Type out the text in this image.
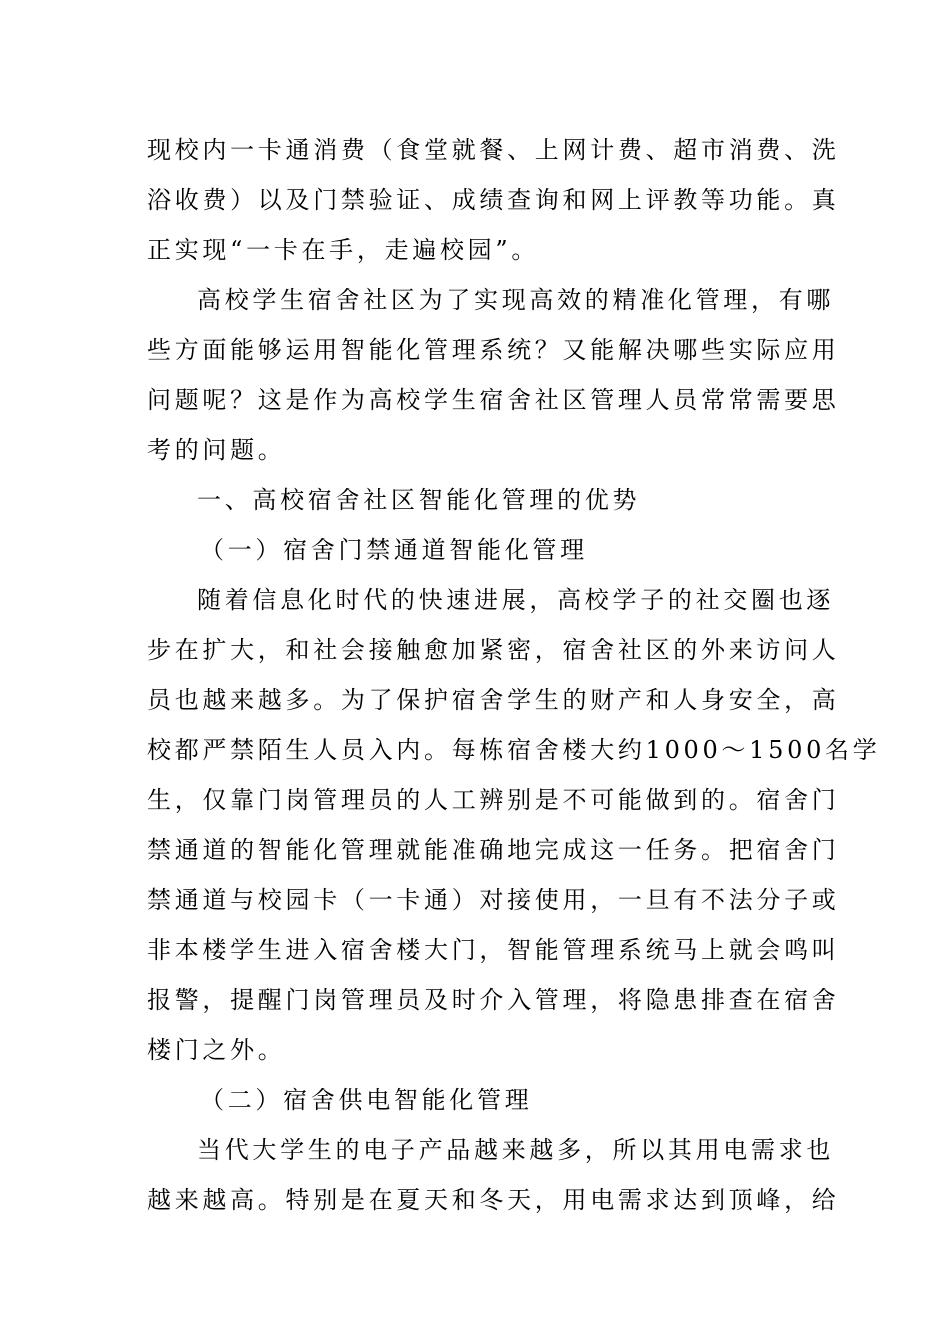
现校内一卡通消费（食堂就餐、上网计费、超市消费、洗
浴收费）以及门禁验证、成绩查询和网上评教等功能。真
正实现“一卡在手，走遍校园”。
高校学生宿舍社区为了实现高效的精准化管理，有哪
些方面能够运用智能化管理系统？又能解决哪些实际应用
问题呢？这是作为高校学生宿舍社区管理人员常常需要思
考的问题。
一、高校宿舍社区智能化管理的优势
（一）宿舍门禁通道智能化管理
随着信息化时代的快速进展，高校学子的社交圈也逐
步在扩大，和社会接触愈加紧密，宿舍社区的外来访问人
员也越来越多。为了保护宿舍学生的财产和人身安全，高
校都严禁陌生人员入内。每栋宿舍楼大约1000～1500名学
生，仅靠门岗管理员的人工辨别是不可能做到的。宿舍门
禁通道的智能化管理就能准确地完成这一任务。把宿舍门
禁通道与校园卡（一卡通）对接使用，一旦有不法分子或
非本楼学生进入宿舍楼大门，智能管理系统马上就会鸣叫
报警，提醒门岗管理员及时介入管理，将隐患排查在宿舍
楼门之外。
（二）宿舍供电智能化管理
当代大学生的电子产品越来越多，所以其用电需求也
越来越高。特别是在夏天和冬天，用电需求达到顶峰，给
